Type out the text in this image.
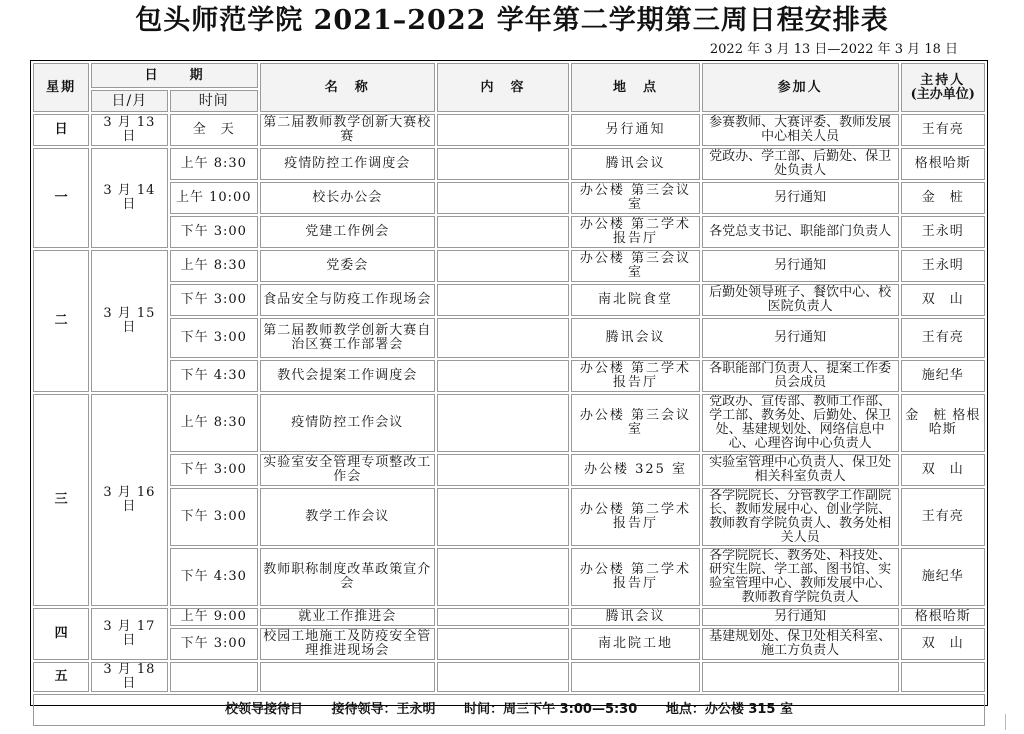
包头师范学院 2021–2022 学年第二学期第三周日程安排表
2022 年 3 月 13 日—2022 年 3 月 18 日
星期	日　　期		名　称	内　容	地　点	参加人	主持人
(主办单位)

	日/月	时间					
日	3 月 13 日	全　天	第二届教师教学创新大赛校赛		另行通知	参赛教师、大赛评委、教师发展中心相关人员	王有亮
一	3 月 14 日	上午 8:30	疫情防控工作调度会		腾讯会议	党政办、学工部、后勤处、保卫处负责人	格根哈斯
		上午 10:00	校长办公会		办公楼 第三会议室	另行通知	金　桩
		下午 3:00	党建工作例会		办公楼 第二学术报告厅	各党总支书记、职能部门负责人	王永明
二	3 月 15 日	上午 8:30	党委会		办公楼 第三会议室	另行通知	王永明
		下午 3:00	食品安全与防疫工作现场会		南北院食堂	后勤处领导班子、餐饮中心、校医院负责人	双　山
		下午 3:00	第二届教师教学创新大赛自治区赛工作部署会		腾讯会议	另行通知	王有亮
		下午 4:30	教代会提案工作调度会		办公楼 第二学术报告厅	各职能部门负责人、提案工作委员会成员	施纪华
三	3 月 16 日	上午 8:30	疫情防控工作会议		办公楼 第三会议室	党政办、宣传部、教师工作部、学工部、教务处、后勤处、保卫处、基建规划处、网络信息中心、心理咨询中心负责人	金　桩 格根哈斯
		下午 3:00	实验室安全管理专项整改工作会		办公楼 325 室	实验室管理中心负责人、保卫处相关科室负责人	双　山
		下午 3:00	教学工作会议		办公楼 第二学术报告厅	各学院院长、分管教学工作副院长、教师发展中心、创业学院、教师教育学院负责人、教务处相关人员	王有亮
		下午 4:30	教师职称制度改革政策宣介会		办公楼 第二学术报告厅	各学院院长、教务处、科技处、研究生院、学工部、图书馆、实验室管理中心、教师发展中心、教师教育学院负责人	施纪华
四	3 月 17 日	上午 9:00	就业工作推进会		腾讯会议	另行通知	格根哈斯
		下午 3:00	校园工地施工及防疫安全管理推进现场会		南北院工地	基建规划处、保卫处相关科室、施工方负责人	双　山
五	3 月 18 日						
校领导接待日 接待领导：王永明 时间：周三下午 3:00—5:30 地点：办公楼 315 室							
